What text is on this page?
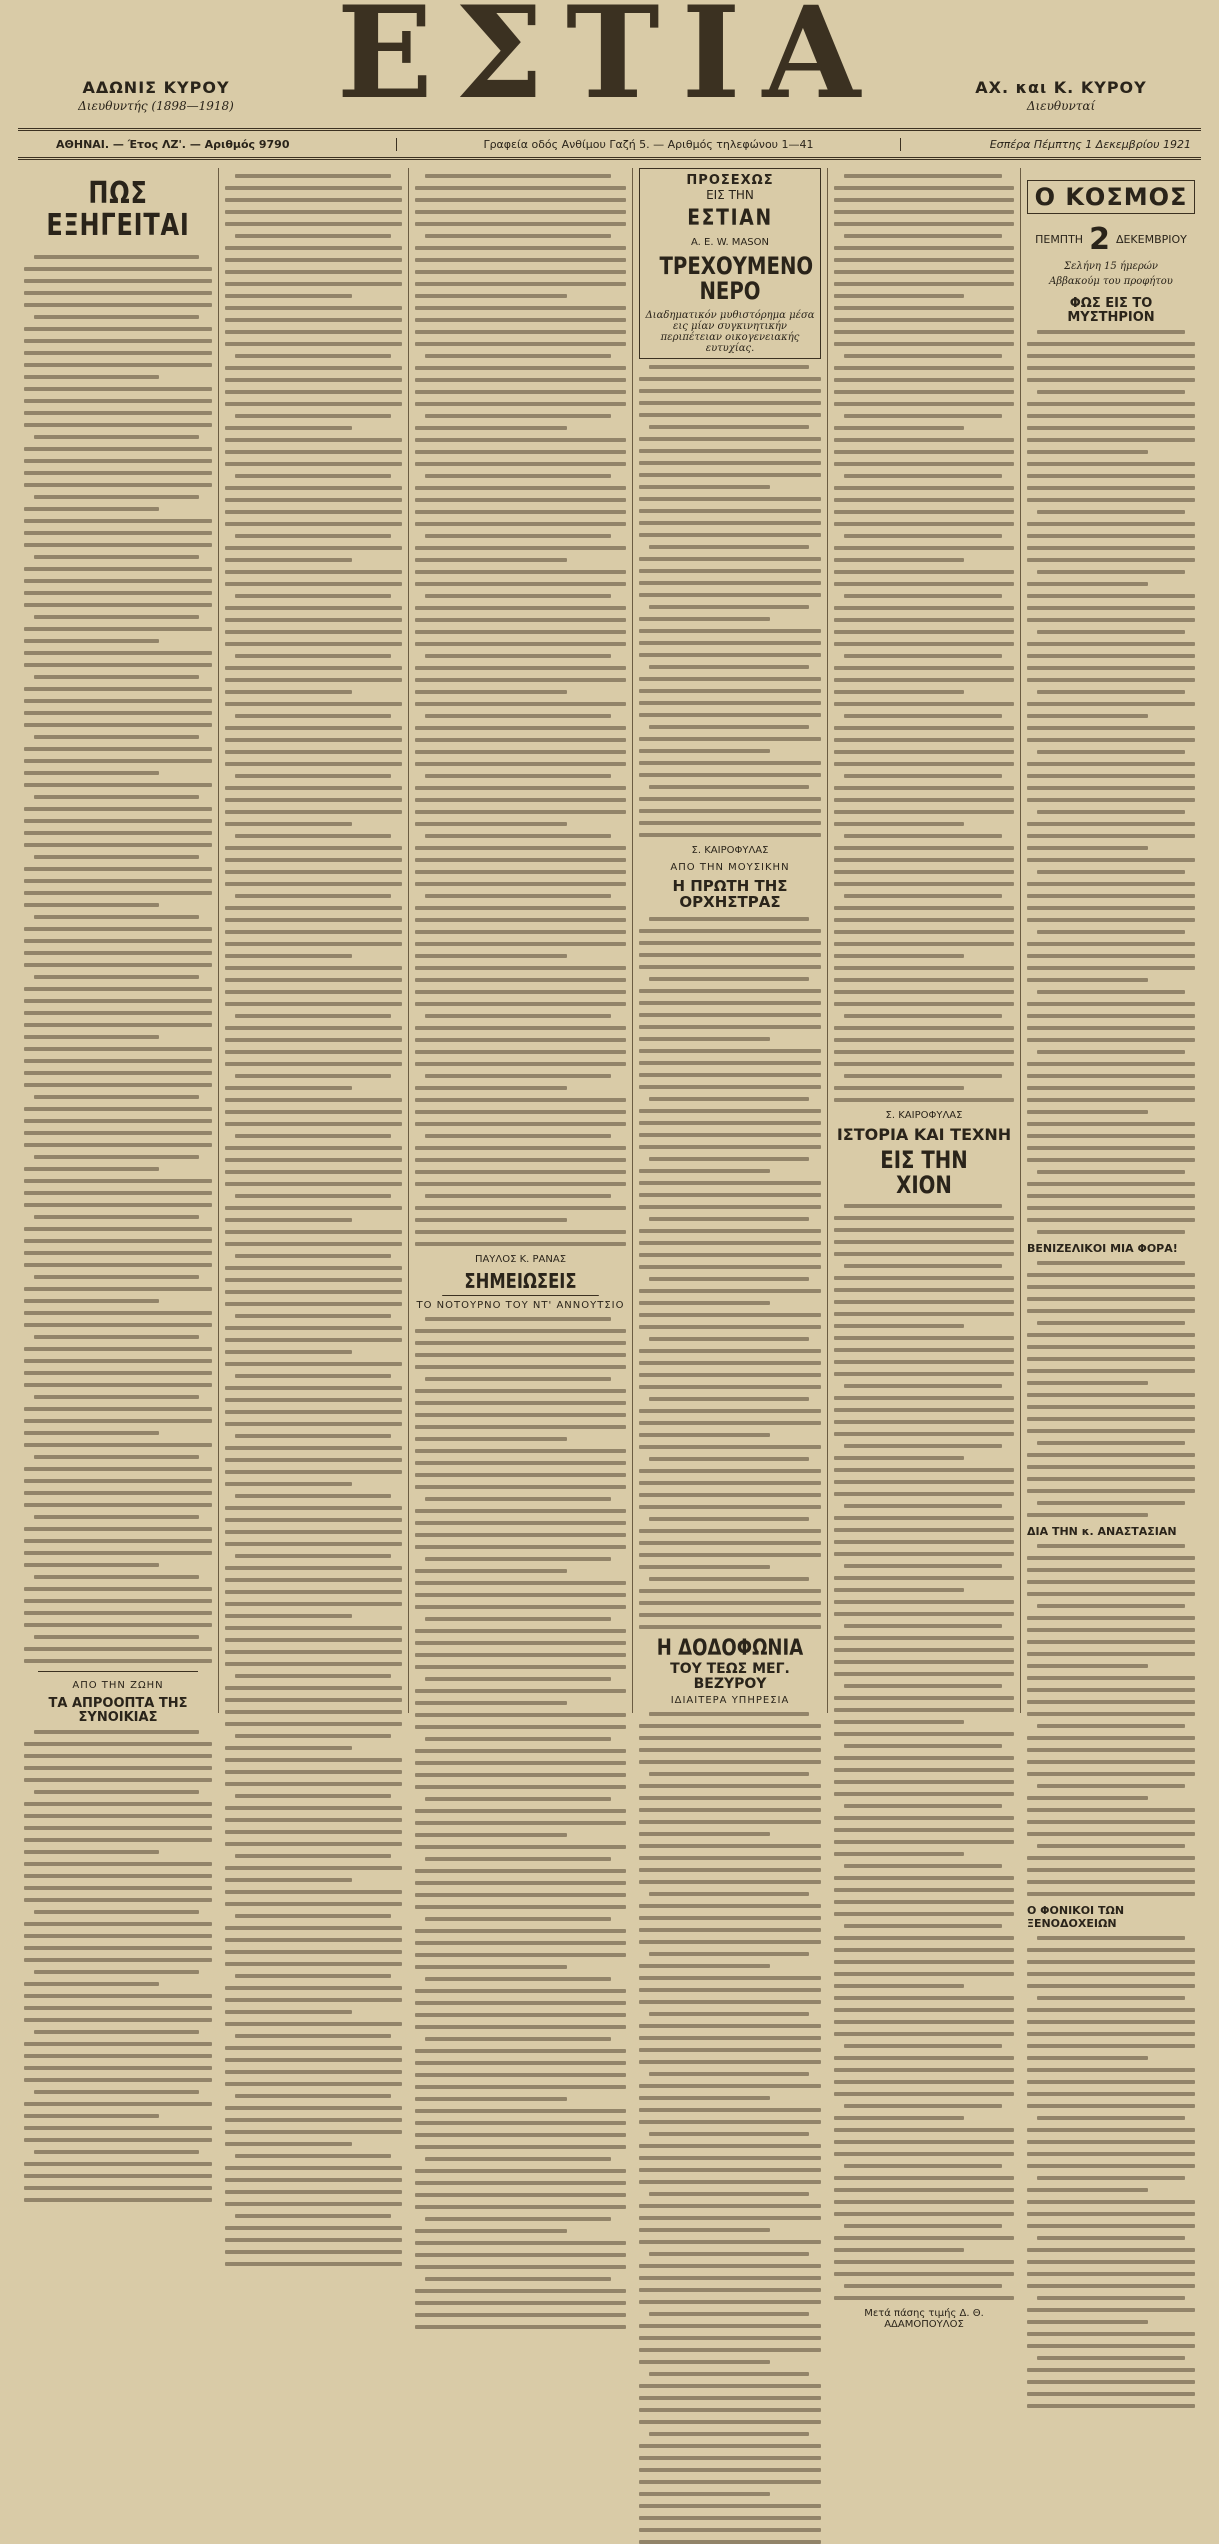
ΑΔΩΝΙΣ ΚΥΡΟΥ
Διευθυντής (1898—1918) ΕΣΤΙΑ	ΑΧ. και Κ. ΚΥΡΟΥ
Διευθυνταί
ΑΘΗΝΑΙ. — Έτος ΛΖ'. — Αριθμός 9790	Γραφεία οδός Ανθίμου Γαζή 5. — Αριθμός τηλεφώνου 1—41	Εσπέρα Πέμπτης 1 Δεκεμβρίου 1921
ΠΩΣ ΕΞΗΓΕΙΤΑΙ
ΑΠΟ ΤΗΝ ΖΩΗΝ
ΤΑ ΑΠΡΟΟΠΤΑ ΤΗΣ ΣΥΝΟΙΚΙΑΣ
ΠΑΥΛΟΣ Κ. ΡΑΝΑΣ
ΣΗΜΕΙΩΣΕΙΣ
ΤΟ ΝΟΤΟΥΡΝΟ ΤΟΥ ΝΤ' ΑΝΝΟΥΤΣΙΟ
ΠΡΟΣΕΧΩΣ
ΕΙΣ ΤΗΝ
ΕΣΤΙΑΝ
A. E. W. MASON
ΤΡΕΧΟΥΜΕΝΟ ΝΕΡΟ
Διαδηματικόν μυθιστόρημα μέσα εις μίαν συγκινητικήν περιπέτειαν οικογενειακής ευτυχίας.
Σ. ΚΑΙΡΟΦΥΛΑΣ
ΑΠΟ ΤΗΝ ΜΟΥΣΙΚΗΝ
Η ΠΡΩΤΗ ΤΗΣ ΟΡΧΗΣΤΡΑΣ
Η ΔΟΔΟΦΩΝΙΑ
ΤΟΥ ΤΕΩΣ ΜΕΓ. ΒΕΖΥΡΟΥ
ΙΔΙΑΙΤΕΡΑ ΥΠΗΡΕΣΙΑ
Σ. ΚΑΙΡΟΦΥΛΑΣ
ΙΣΤΟΡΙΑ ΚΑΙ ΤΕΧΝΗ
ΕΙΣ ΤΗΝ ΧΙΟΝ
Μετά πάσης τιμής Δ. Θ. ΑΔΑΜΟΠΟΥΛΟΣ
Ο ΚΟΣΜΟΣ
ΠΕΜΠΤΗ 2 ΔΕΚΕΜΒΡΙΟΥ
Σελήνη 15 ήμερών
Αββακούμ του προφήτου
ΦΩΣ ΕΙΣ ΤΟ ΜΥΣΤΗΡΙΟΝ
ΒΕΝΙΖΕΛΙΚΟΙ ΜΙΑ ΦΟΡΑ!
ΔΙΑ ΤΗΝ κ. ΑΝΑΣΤΑΣΙΑΝ
Ο ΦΟΝΙΚΟΙ ΤΩΝ ΞΕΝΟΔΟΧΕΙΩΝ
